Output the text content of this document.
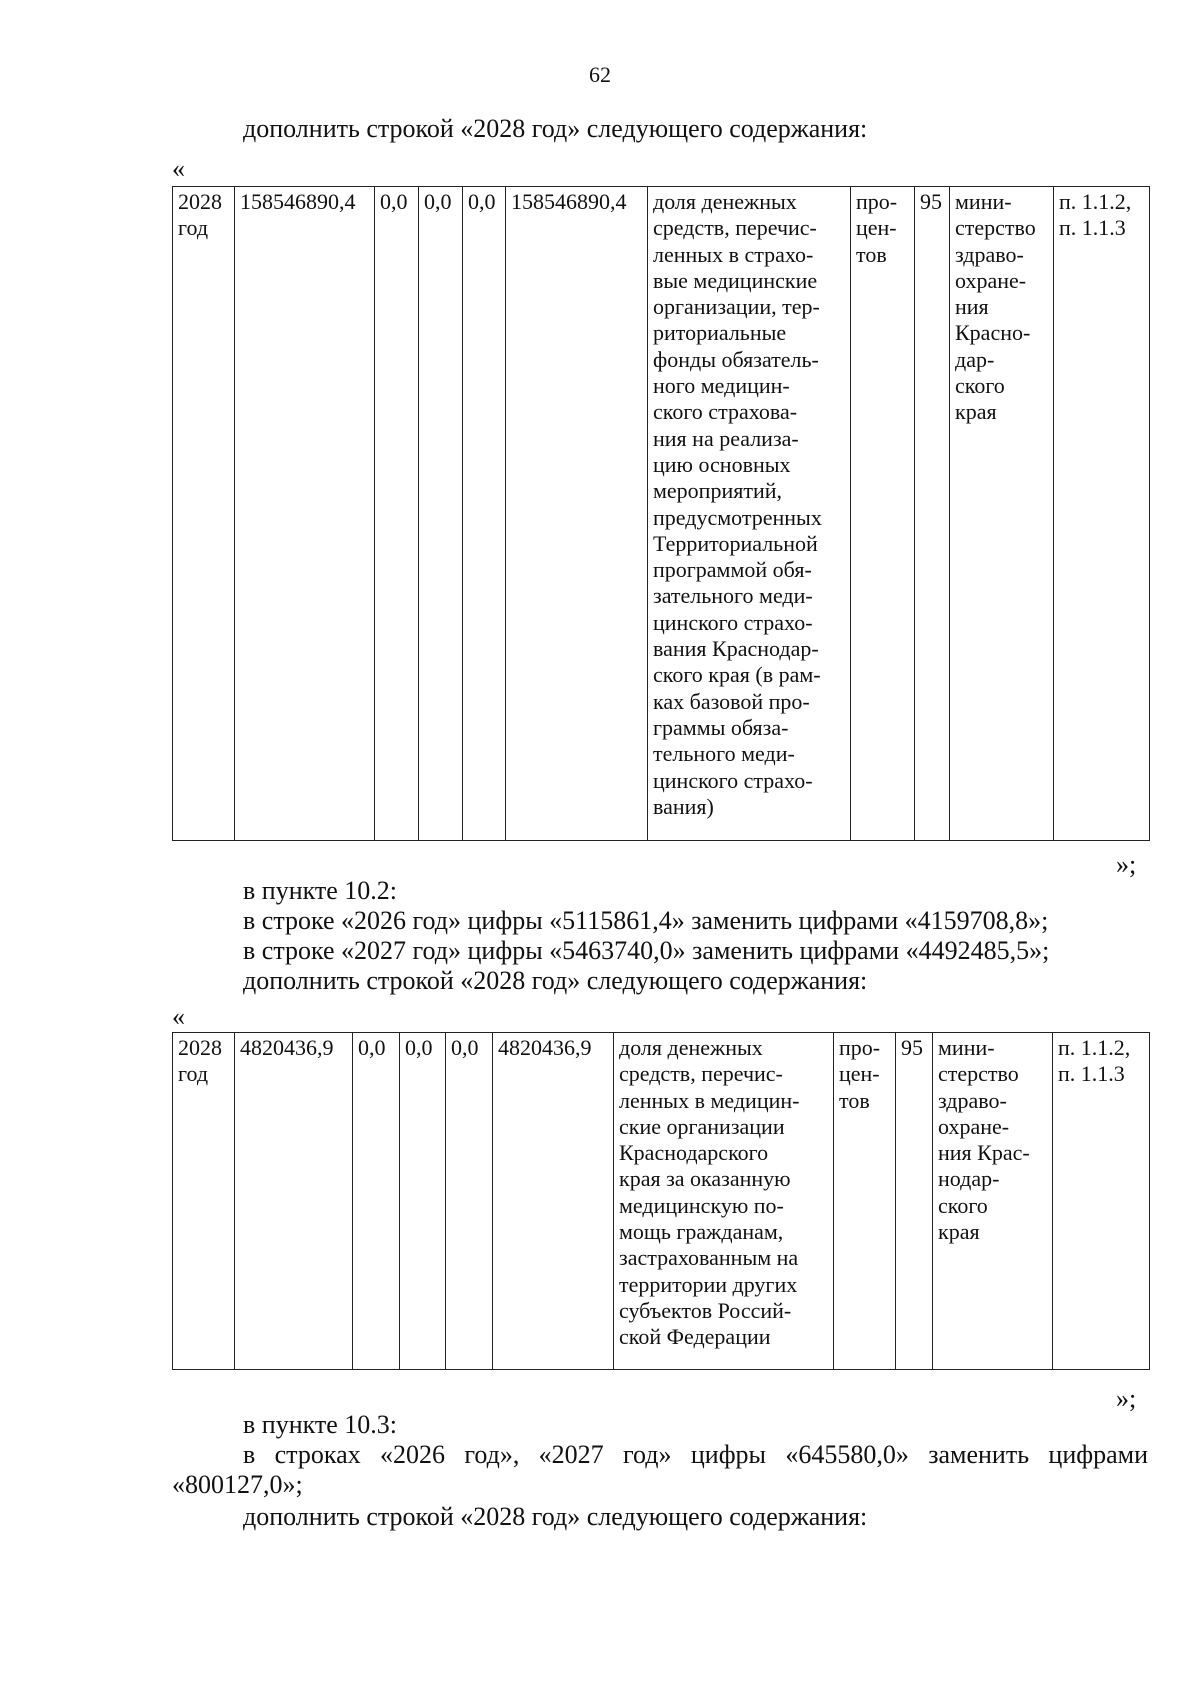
62
дополнить строкой «2028 год» следующего содержания:
«
2028
год	158546890,4	0,0	0,0	0,0	158546890,4	доля денежных
средств, перечис-
ленных в страхо-
вые медицинские
организации, тер-
риториальные
фонды обязатель-
ного медицин-
ского страхова-
ния на реализа-
цию основных
мероприятий,
предусмотренных
Территориальной
программой обя-
зательного меди-
цинского страхо-
вания Краснодар-
ского края (в рам-
ках базовой про-
граммы обяза-
тельного меди-
цинского страхо-
вания)	про-
цен-
тов	95	мини-
стерство
здраво-
охране-
ния
Красно-
дар-
ского
края	п. 1.1.2,
п. 1.1.3
»;
в пункте 10.2:
в строке «2026 год» цифры «5115861,4» заменить цифрами «4159708,8»;
в строке «2027 год» цифры «5463740,0» заменить цифрами «4492485,5»;
дополнить строкой «2028 год» следующего содержания:
«
2028
год	4820436,9	0,0	0,0	0,0	4820436,9	доля денежных
средств, перечис-
ленных в медицин-
ские организации
Краснодарского
края за оказанную
медицинскую по-
мощь гражданам,
застрахованным на
территории других
субъектов Россий-
ской Федерации	про-
цен-
тов	95	мини-
стерство
здраво-
охране-
ния Крас-
нодар-
ского
края	п. 1.1.2,
п. 1.1.3
»;
в пункте 10.3:
в строках «2026 год», «2027 год» цифры «645580,0» заменить цифрами
«800127,0»;
дополнить строкой «2028 год» следующего содержания:
